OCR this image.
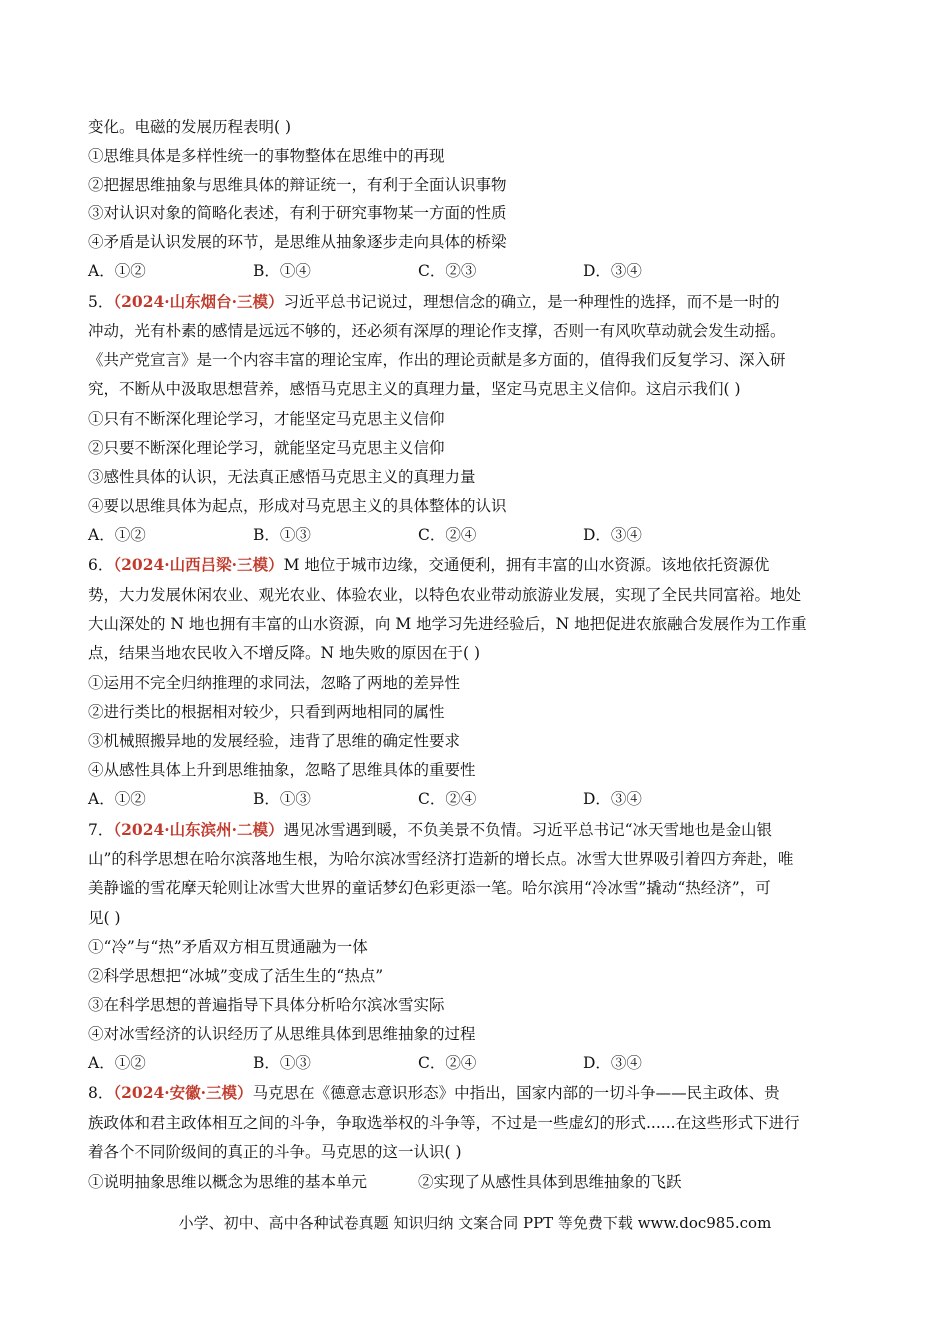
变化。电磁的发展历程表明( )
①思维具体是多样性统一的事物整体在思维中的再现
②把握思维抽象与思维具体的辩证统一，有利于全面认识事物
③对认识对象的简略化表述，有利于研究事物某一方面的性质
④矛盾是认识发展的环节，是思维从抽象逐步走向具体的桥梁
A．①②	B．①④	C．②③	D．③④
5．（2024·山东烟台·三模）习近平总书记说过，理想信念的确立，是一种理性的选择，而不是一时的
冲动，光有朴素的感情是远远不够的，还必须有深厚的理论作支撑，否则一有风吹草动就会发生动摇。
《共产党宣言》是一个内容丰富的理论宝库，作出的理论贡献是多方面的，值得我们反复学习、深入研
究，不断从中汲取思想营养，感悟马克思主义的真理力量，坚定马克思主义信仰。这启示我们( )
①只有不断深化理论学习，才能坚定马克思主义信仰
②只要不断深化理论学习，就能坚定马克思主义信仰
③感性具体的认识，无法真正感悟马克思主义的真理力量
④要以思维具体为起点，形成对马克思主义的具体整体的认识
A．①②	B．①③	C．②④	D．③④
6．（2024·山西吕梁·三模）M 地位于城市边缘，交通便利，拥有丰富的山水资源。该地依托资源优
势，大力发展休闲农业、观光农业、体验农业，以特色农业带动旅游业发展，实现了全民共同富裕。地处
大山深处的 N 地也拥有丰富的山水资源，向 M 地学习先进经验后，N 地把促进农旅融合发展作为工作重
点，结果当地农民收入不增反降。N 地失败的原因在于( )
①运用不完全归纳推理的求同法，忽略了两地的差异性
②进行类比的根据相对较少，只看到两地相同的属性
③机械照搬异地的发展经验，违背了思维的确定性要求
④从感性具体上升到思维抽象，忽略了思维具体的重要性
A．①②	B．①③	C．②④	D．③④
7．（2024·山东滨州·二模）遇见冰雪遇到暖，不负美景不负情。习近平总书记“冰天雪地也是金山银
山”的科学思想在哈尔滨落地生根，为哈尔滨冰雪经济打造新的增长点。冰雪大世界吸引着四方奔赴，唯
美静谧的雪花摩天轮则让冰雪大世界的童话梦幻色彩更添一笔。哈尔滨用“冷冰雪”撬动“热经济”，可
见( )
①“冷”与“热”矛盾双方相互贯通融为一体
②科学思想把“冰城”变成了活生生的“热点”
③在科学思想的普遍指导下具体分析哈尔滨冰雪实际
④对冰雪经济的认识经历了从思维具体到思维抽象的过程
A．①②	B．①③	C．②④	D．③④
8．（2024·安徽·三模）马克思在《德意志意识形态》中指出，国家内部的一切斗争——民主政体、贵
族政体和君主政体相互之间的斗争，争取选举权的斗争等，不过是一些虚幻的形式......在这些形式下进行
着各个不同阶级间的真正的斗争。马克思的这一认识( )
①说明抽象思维以概念为思维的基本单元	②实现了从感性具体到思维抽象的飞跃
小学、初中、高中各种试卷真题 知识归纳 文案合同 PPT 等免费下载 www.doc985.com
